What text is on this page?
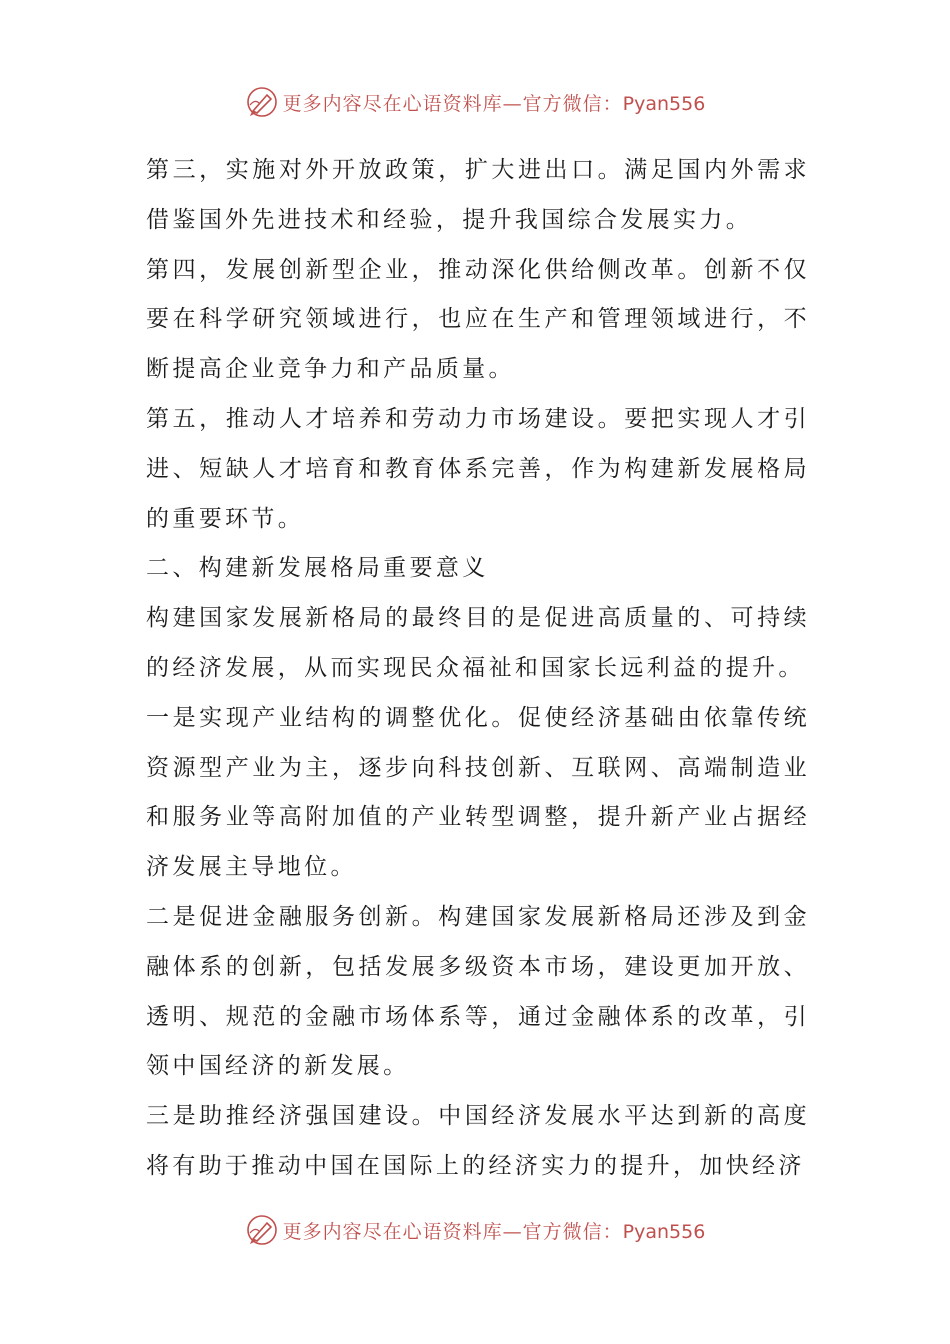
更多内容尽在心语资料库—官方微信：Pyan556

第三，实施对外开放政策，扩大进出口。满足国内外需求借鉴国外先进技术和经验，提升我国综合发展实力。

第四，发展创新型企业，推动深化供给侧改革。创新不仅要在科学研究领域进行，也应在生产和管理领域进行，不断提高企业竞争力和产品质量。

第五，推动人才培养和劳动力市场建设。要把实现人才引进、短缺人才培育和教育体系完善，作为构建新发展格局的重要环节。

二、构建新发展格局重要意义

构建国家发展新格局的最终目的是促进高质量的、可持续的经济发展，从而实现民众福祉和国家长远利益的提升。

一是实现产业结构的调整优化。促使经济基础由依靠传统资源型产业为主，逐步向科技创新、互联网、高端制造业和服务业等高附加值的产业转型调整，提升新产业占据经济发展主导地位。

二是促进金融服务创新。构建国家发展新格局还涉及到金融体系的创新，包括发展多级资本市场，建设更加开放、透明、规范的金融市场体系等，通过金融体系的改革，引领中国经济的新发展。

三是助推经济强国建设。中国经济发展水平达到新的高度将有助于推动中国在国际上的经济实力的提升，加快经济

更多内容尽在心语资料库—官方微信：Pyan556
